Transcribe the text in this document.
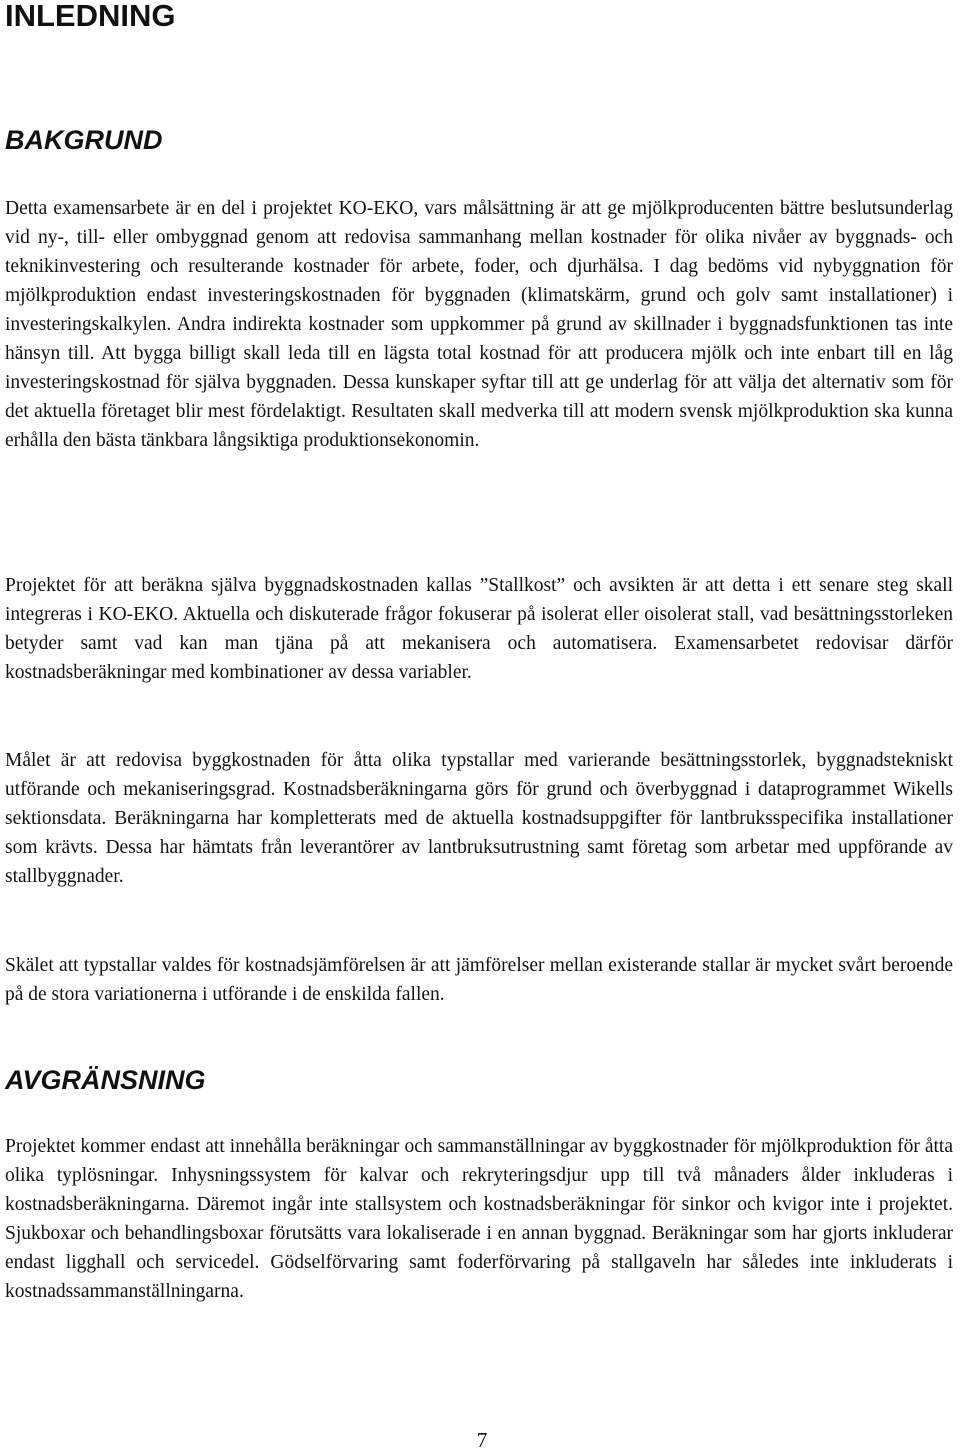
INLEDNING
BAKGRUND

Detta examensarbete är en del i projektet KO-EKO, vars målsättning är att ge mjölkproducenten bättre beslutsunderlag vid ny-, till- eller ombyggnad genom att redovisa sammanhang mellan kostnader för olika nivåer av byggnads- och teknikinvestering och resulterande kostnader för arbete, foder, och djurhälsa. I dag bedöms vid nybyggnation för mjölkproduktion endast investeringskostnaden för byggnaden (klimatskärm, grund och golv samt installationer) i investeringskalkylen. Andra indirekta kostnader som uppkommer på grund av skillnader i byggnadsfunktionen tas inte hänsyn till. Att bygga billigt skall leda till en lägsta total kostnad för att producera mjölk och inte enbart till en låg investeringskostnad för själva byggnaden. Dessa kunskaper syftar till att ge underlag för att välja det alternativ som för det aktuella företaget blir mest fördelaktigt. Resultaten skall medverka till att modern svensk mjölkproduktion ska kunna erhålla den bästa tänkbara långsiktiga produktionsekonomin.

Projektet för att beräkna själva byggnadskostnaden kallas ”Stallkost” och avsikten är att detta i ett senare steg skall integreras i KO-EKO. Aktuella och diskuterade frågor fokuserar på isolerat eller oisolerat stall, vad besättningsstorleken betyder samt vad kan man tjäna på att mekanisera och automatisera. Examensarbetet redovisar därför kostnadsberäkningar med kombinationer av dessa variabler.

Målet är att redovisa byggkostnaden för åtta olika typstallar med varierande besättningsstorlek, byggnadstekniskt utförande och mekaniseringsgrad. Kostnadsberäkningarna görs för grund och överbyggnad i dataprogrammet Wikells sektionsdata. Beräkningarna har kompletterats med de aktuella kostnadsuppgifter för lantbruksspecifika installationer som krävts. Dessa har hämtats från leverantörer av lantbruksutrustning samt företag som arbetar med uppförande av stallbyggnader.

Skälet att typstallar valdes för kostnadsjämförelsen är att jämförelser mellan existerande stallar är mycket svårt beroende på de stora variationerna i utförande i de enskilda fallen.

AVGRÄNSNING

Projektet kommer endast att innehålla beräkningar och sammanställningar av byggkostnader för mjölkproduktion för åtta olika typlösningar. Inhysningssystem för kalvar och rekryteringsdjur upp till två månaders ålder inkluderas i kostnadsberäkningarna. Däremot ingår inte stallsystem och kostnadsberäkningar för sinkor och kvigor inte i projektet. Sjukboxar och behandlingsboxar förutsätts vara lokaliserade i en annan byggnad. Beräkningar som har gjorts inkluderar endast ligghall och servicedel. Gödselförvaring samt foderförvaring på stallgaveln har således inte inkluderats i kostnadssammanställningarna.

7
